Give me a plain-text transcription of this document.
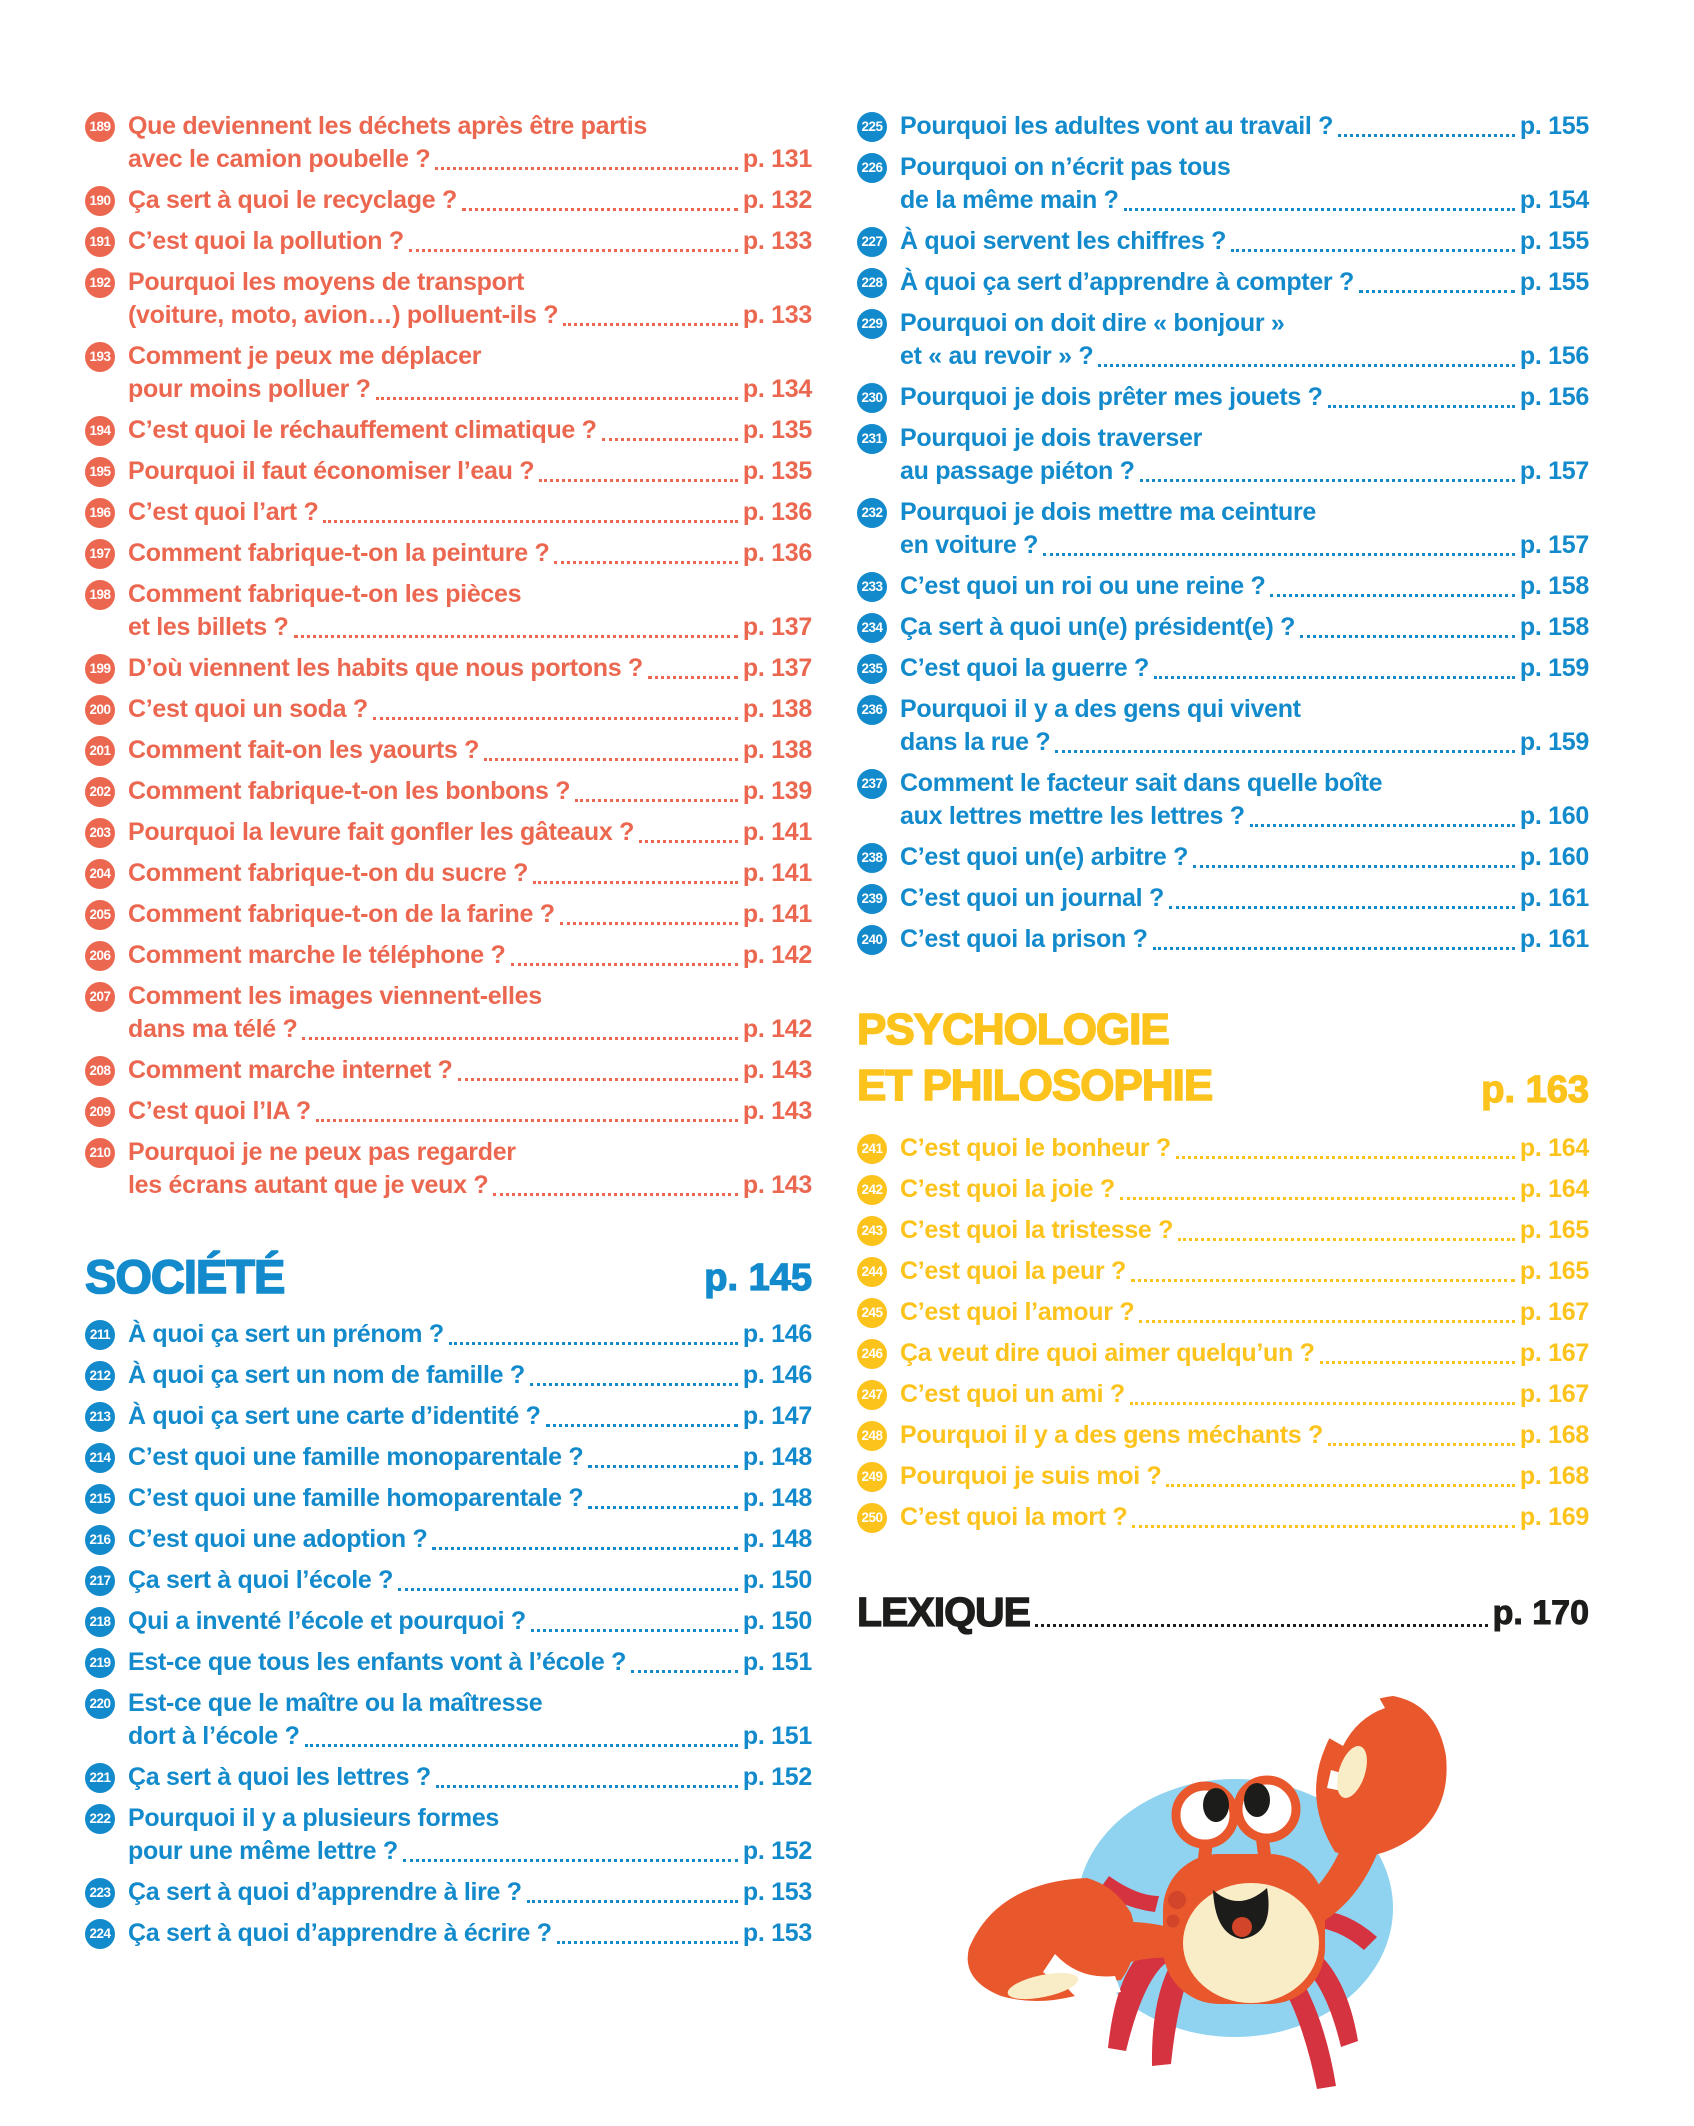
189 Que deviennent les déchets après être partis
avec le camion poubelle ?	p. 131
190 Ça sert à quoi le recyclage ?	p. 132
191 C’est quoi la pollution ?	p. 133
192 Pourquoi les moyens de transport
(voiture, moto, avion…) polluent-ils ?	p. 133
193 Comment je peux me déplacer
pour moins polluer ?	p. 134
194 C’est quoi le réchauffement climatique ?	p. 135
195 Pourquoi il faut économiser l’eau ?	p. 135
196 C’est quoi l’art ?	p. 136
197 Comment fabrique-t-on la peinture ?	p. 136
198 Comment fabrique-t-on les pièces
et les billets ?	p. 137
199 D’où viennent les habits que nous portons ?	p. 137
200 C’est quoi un soda ?	p. 138
201 Comment fait-on les yaourts ?	p. 138
202 Comment fabrique-t-on les bonbons ?	p. 139
203 Pourquoi la levure fait gonfler les gâteaux ?	p. 141
204 Comment fabrique-t-on du sucre ?	p. 141
205 Comment fabrique-t-on de la farine ?	p. 141
206 Comment marche le téléphone ?	p. 142
207 Comment les images viennent-elles
dans ma télé ?	p. 142
208 Comment marche internet ?	p. 143
209 C’est quoi l’IA ?	p. 143
210 Pourquoi je ne peux pas regarder
les écrans autant que je veux ?	p. 143
SOCIÉTÉ	p. 145
211 À quoi ça sert un prénom ?	p. 146
212 À quoi ça sert un nom de famille ?	p. 146
213 À quoi ça sert une carte d’identité ?	p. 147
214 C’est quoi une famille monoparentale ?	p. 148
215 C’est quoi une famille homoparentale ?	p. 148
216 C’est quoi une adoption ?	p. 148
217 Ça sert à quoi l’école ?	p. 150
218 Qui a inventé l’école et pourquoi ?	p. 150
219 Est-ce que tous les enfants vont à l’école ?	p. 151
220 Est-ce que le maître ou la maîtresse
dort à l’école ?	p. 151
221 Ça sert à quoi les lettres ?	p. 152
222 Pourquoi il y a plusieurs formes
pour une même lettre ?	p. 152
223 Ça sert à quoi d’apprendre à lire ?	p. 153
224 Ça sert à quoi d’apprendre à écrire ?	p. 153
225 Pourquoi les adultes vont au travail ?	p. 155
226 Pourquoi on n’écrit pas tous
de la même main ?	p. 154
227 À quoi servent les chiffres ?	p. 155
228 À quoi ça sert d’apprendre à compter ?	p. 155
229 Pourquoi on doit dire « bonjour »
et « au revoir » ?	p. 156
230 Pourquoi je dois prêter mes jouets ?	p. 156
231 Pourquoi je dois traverser
au passage piéton ?	p. 157
232 Pourquoi je dois mettre ma ceinture
en voiture ?	p. 157
233 C’est quoi un roi ou une reine ?	p. 158
234 Ça sert à quoi un(e) président(e) ?	p. 158
235 C’est quoi la guerre ?	p. 159
236 Pourquoi il y a des gens qui vivent
dans la rue ?	p. 159
237 Comment le facteur sait dans quelle boîte
aux lettres mettre les lettres ?	p. 160
238 C’est quoi un(e) arbitre ?	p. 160
239 C’est quoi un journal ?	p. 161
240 C’est quoi la prison ?	p. 161
PSYCHOLOGIE
ET PHILOSOPHIE	p. 163
241 C’est quoi le bonheur ?	p. 164
242 C’est quoi la joie ?	p. 164
243 C’est quoi la tristesse ?	p. 165
244 C’est quoi la peur ?	p. 165
245 C’est quoi l’amour ?	p. 167
246 Ça veut dire quoi aimer quelqu’un ?	p. 167
247 C’est quoi un ami ?	p. 167
248 Pourquoi il y a des gens méchants ?	p. 168
249 Pourquoi je suis moi ?	p. 168
250 C’est quoi la mort ?	p. 169
LEXIQUE	p. 170
